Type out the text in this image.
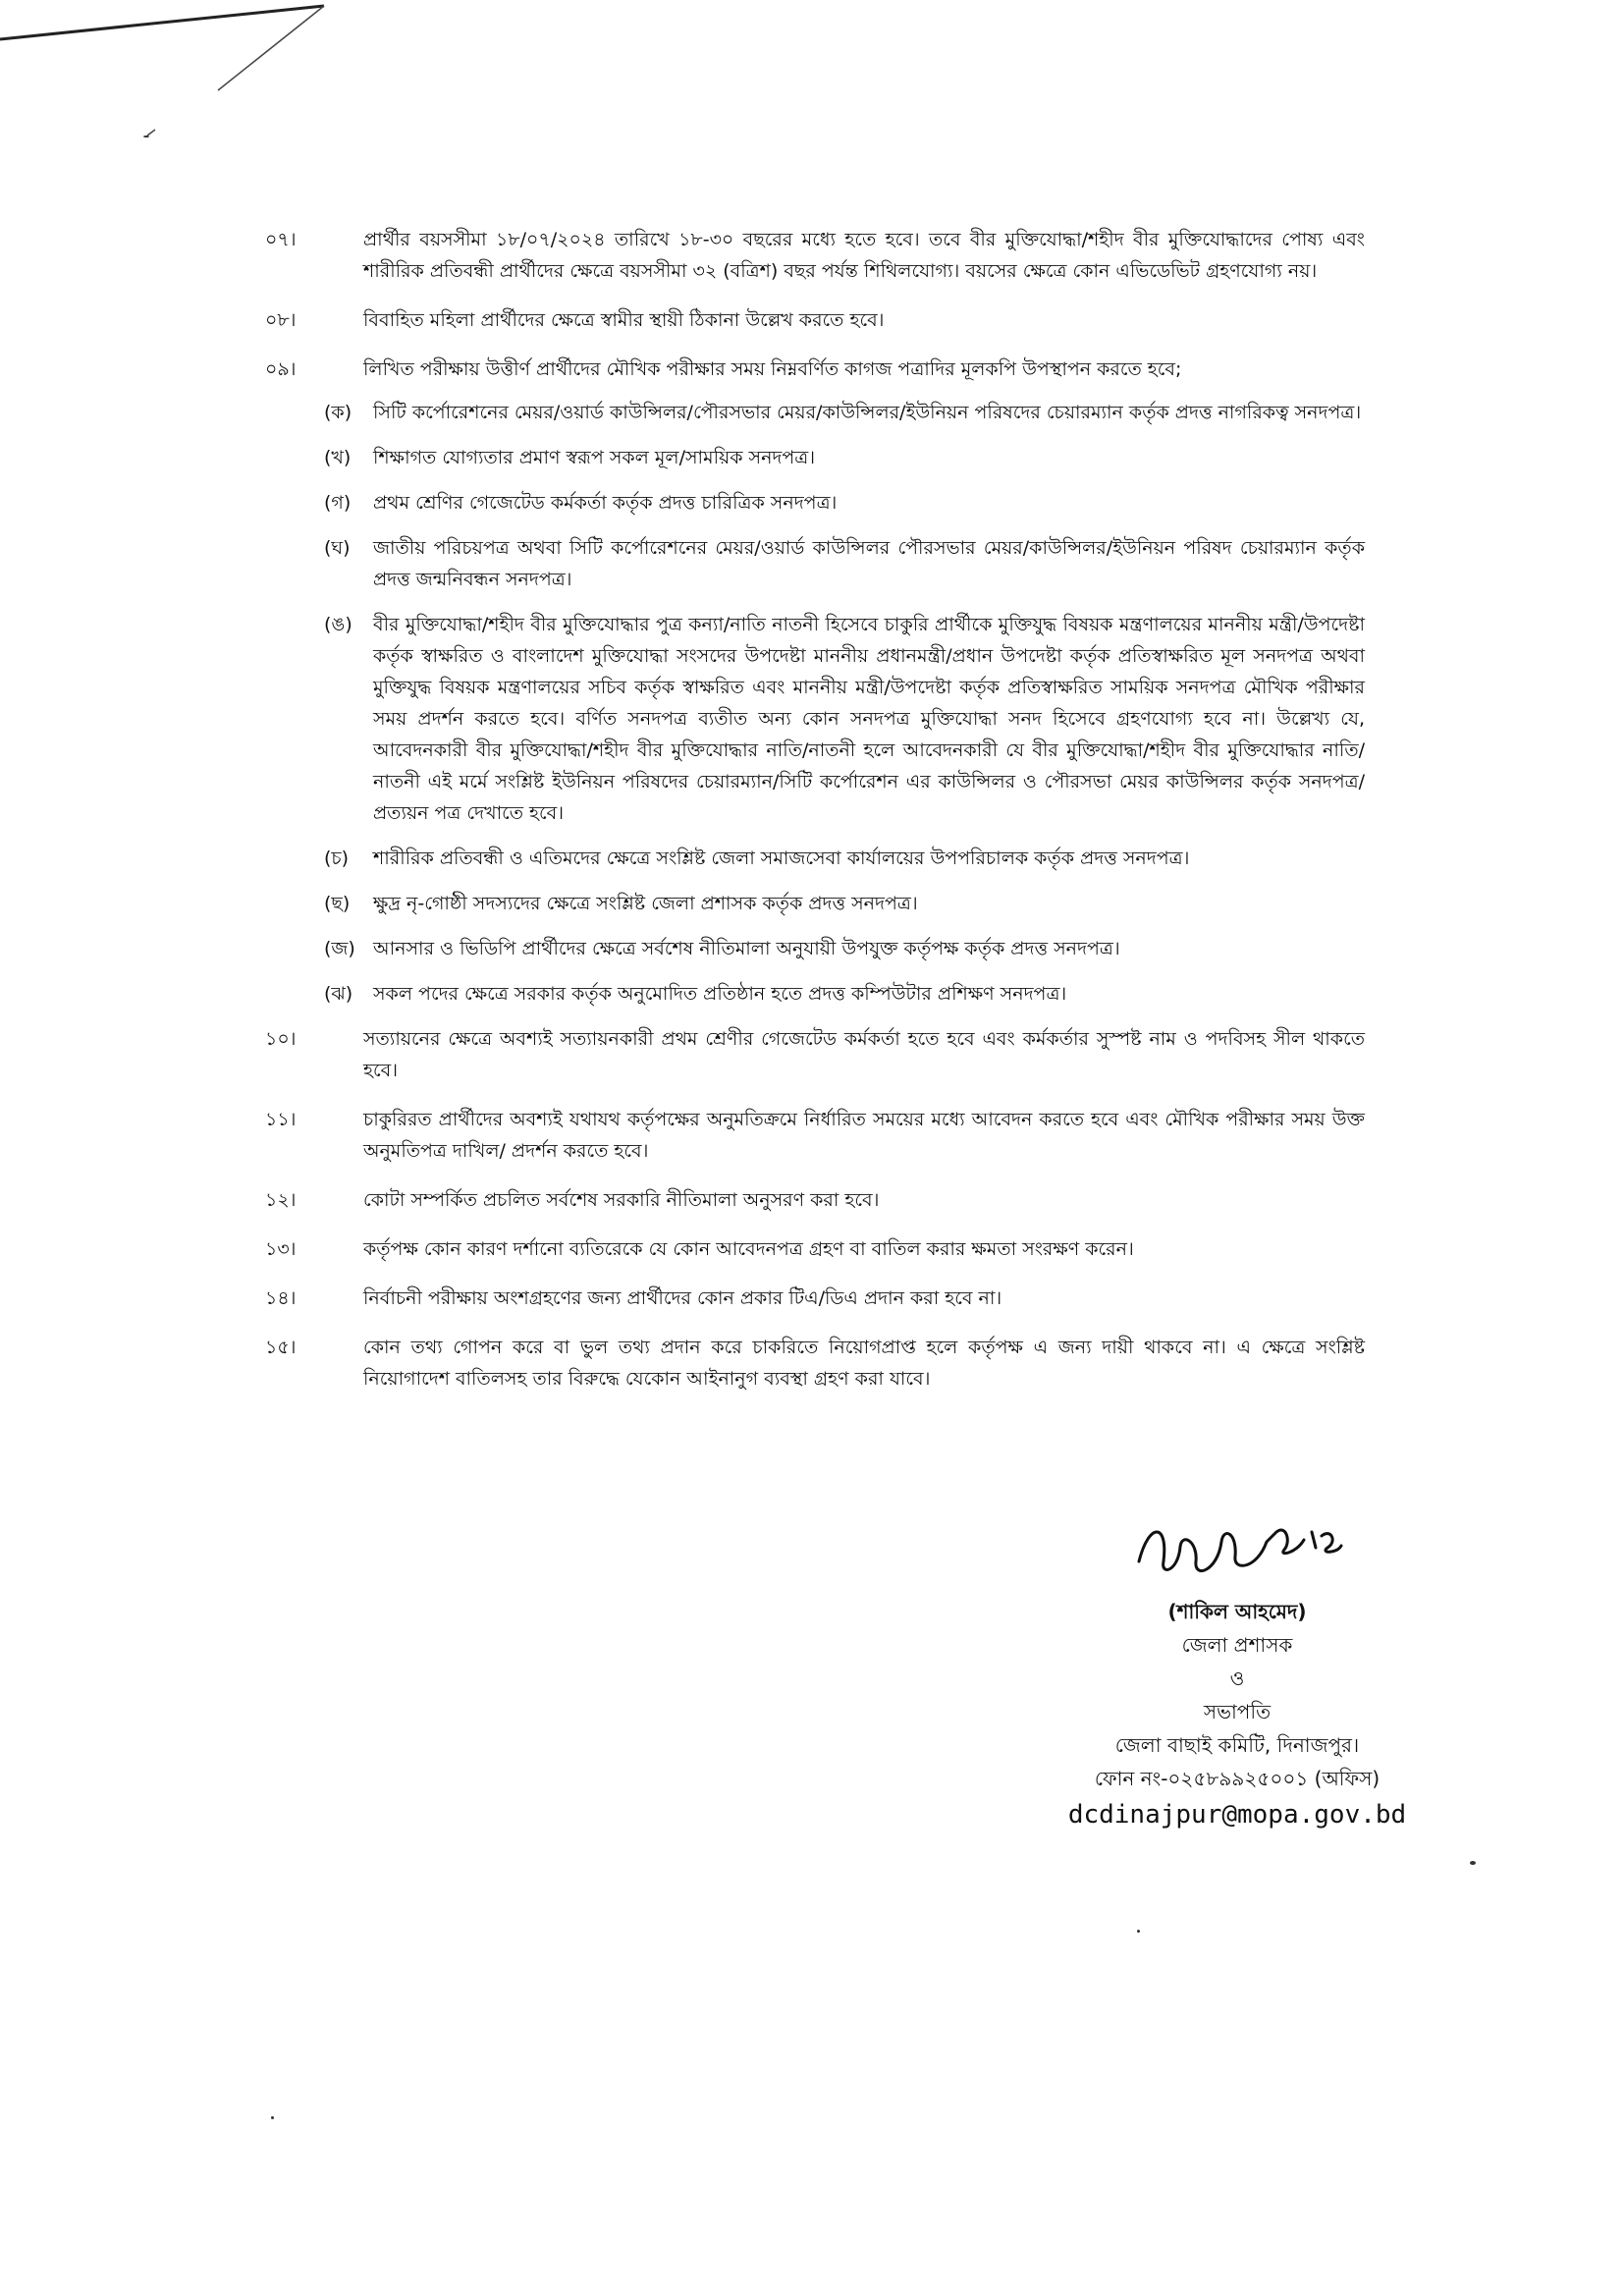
০৭।	প্রার্থীর বয়সসীমা ১৮/০৭/২০২৪ তারিখে ১৮-৩০ বছরের মধ্যে হতে হবে। তবে বীর মুক্তিযোদ্ধা/শহীদ বীর মুক্তিযোদ্ধাদের পোষ্য এবং শারীরিক প্রতিবন্ধী প্রার্থীদের ক্ষেত্রে বয়সসীমা ৩২ (বত্রিশ) বছর পর্যন্ত শিথিলযোগ্য। বয়সের ক্ষেত্রে কোন এভিডেভিট গ্রহণযোগ্য নয়।
০৮।	বিবাহিত মহিলা প্রার্থীদের ক্ষেত্রে স্বামীর স্থায়ী ঠিকানা উল্লেখ করতে হবে।
০৯।	লিখিত পরীক্ষায় উত্তীর্ণ প্রার্থীদের মৌখিক পরীক্ষার সময় নিম্নবর্ণিত কাগজ পত্রাদির মূলকপি উপস্থাপন করতে হবে;
(ক)	সিটি কর্পোরেশনের মেয়র/ওয়ার্ড কাউন্সিলর/পৌরসভার মেয়র/কাউন্সিলর/ইউনিয়ন পরিষদের চেয়ারম্যান কর্তৃক প্রদত্ত নাগরিকত্ব সনদপত্র।
(খ)	শিক্ষাগত যোগ্যতার প্রমাণ স্বরূপ সকল মূল/সাময়িক সনদপত্র।
(গ)	প্রথম শ্রেণির গেজেটেড কর্মকর্তা কর্তৃক প্রদত্ত চারিত্রিক সনদপত্র।
(ঘ)	জাতীয় পরিচয়পত্র অথবা সিটি কর্পোরেশনের মেয়র/ওয়ার্ড কাউন্সিলর পৌরসভার মেয়র/কাউন্সিলর/ইউনিয়ন পরিষদ চেয়ারম্যান কর্তৃক প্রদত্ত জন্মনিবন্ধন সনদপত্র।
(ঙ)	বীর মুক্তিযোদ্ধা/শহীদ বীর মুক্তিযোদ্ধার পুত্র কন্যা/নাতি নাতনী হিসেবে চাকুরি প্রার্থীকে মুক্তিযুদ্ধ বিষয়ক মন্ত্রণালয়ের মাননীয় মন্ত্রী/উপদেষ্টা কর্তৃক স্বাক্ষরিত ও বাংলাদেশ মুক্তিযোদ্ধা সংসদের উপদেষ্টা মাননীয় প্রধানমন্ত্রী/প্রধান উপদেষ্টা কর্তৃক প্রতিস্বাক্ষরিত মূল সনদপত্র অথবা মুক্তিযুদ্ধ বিষয়ক মন্ত্রণালয়ের সচিব কর্তৃক স্বাক্ষরিত এবং মাননীয় মন্ত্রী/উপদেষ্টা কর্তৃক প্রতিস্বাক্ষরিত সাময়িক সনদপত্র মৌখিক পরীক্ষার সময় প্রদর্শন করতে হবে। বর্ণিত সনদপত্র ব্যতীত অন্য কোন সনদপত্র মুক্তিযোদ্ধা সনদ হিসেবে গ্রহণযোগ্য হবে না। উল্লেখ্য যে, আবেদনকারী বীর মুক্তিযোদ্ধা/শহীদ বীর মুক্তিযোদ্ধার নাতি/নাতনী হলে আবেদনকারী যে বীর মুক্তিযোদ্ধা/শহীদ বীর মুক্তিযোদ্ধার নাতি/নাতনী এই মর্মে সংশ্লিষ্ট ইউনিয়ন পরিষদের চেয়ারম্যান/সিটি কর্পোরেশন এর কাউন্সিলর ও পৌরসভা মেয়র কাউন্সিলর কর্তৃক সনদপত্র/প্রত্যয়ন পত্র দেখাতে হবে।
(চ)	শারীরিক প্রতিবন্ধী ও এতিমদের ক্ষেত্রে সংশ্লিষ্ট জেলা সমাজসেবা কার্যালয়ের উপপরিচালক কর্তৃক প্রদত্ত সনদপত্র।
(ছ)	ক্ষুদ্র নৃ-গোষ্ঠী সদস্যদের ক্ষেত্রে সংশ্লিষ্ট জেলা প্রশাসক কর্তৃক প্রদত্ত সনদপত্র।
(জ) আনসার ও ভিডিপি প্রার্থীদের ক্ষেত্রে সর্বশেষ নীতিমালা অনুযায়ী উপযুক্ত কর্তৃপক্ষ কর্তৃক প্রদত্ত সনদপত্র।
(ঝ)	সকল পদের ক্ষেত্রে সরকার কর্তৃক অনুমোদিত প্রতিষ্ঠান হতে প্রদত্ত কম্পিউটার প্রশিক্ষণ সনদপত্র।
১০।	সত্যায়নের ক্ষেত্রে অবশ্যই সত্যায়নকারী প্রথম শ্রেণীর গেজেটেড কর্মকর্তা হতে হবে এবং কর্মকর্তার সুস্পষ্ট নাম ও পদবিসহ সীল থাকতে হবে।
১১।	চাকুরিরত প্রার্থীদের অবশ্যই যথাযথ কর্তৃপক্ষের অনুমতিক্রমে নির্ধারিত সময়ের মধ্যে আবেদন করতে হবে এবং মৌখিক পরীক্ষার সময় উক্ত অনুমতিপত্র দাখিল/ প্রদর্শন করতে হবে।
১২।	কোটা সম্পর্কিত প্রচলিত সর্বশেষ সরকারি নীতিমালা অনুসরণ করা হবে।
১৩।	কর্তৃপক্ষ কোন কারণ দর্শানো ব্যতিরেকে যে কোন আবেদনপত্র গ্রহণ বা বাতিল করার ক্ষমতা সংরক্ষণ করেন।
১৪।	নির্বাচনী পরীক্ষায় অংশগ্রহণের জন্য প্রার্থীদের কোন প্রকার টিএ/ডিএ প্রদান করা হবে না।
১৫।	কোন তথ্য গোপন করে বা ভুল তথ্য প্রদান করে চাকরিতে নিয়োগপ্রাপ্ত হলে কর্তৃপক্ষ এ জন্য দায়ী থাকবে না। এ ক্ষেত্রে সংশ্লিষ্ট নিয়োগাদেশ বাতিলসহ তার বিরুদ্ধে যেকোন আইনানুগ ব্যবস্থা গ্রহণ করা যাবে।
(শাকিল আহমেদ)
জেলা প্রশাসক
ও
সভাপতি
জেলা বাছাই কমিটি, দিনাজপুর।
ফোন নং-০২৫৮৯৯২৫০০১ (অফিস)
dcdinajpur@mopa.gov.bd
